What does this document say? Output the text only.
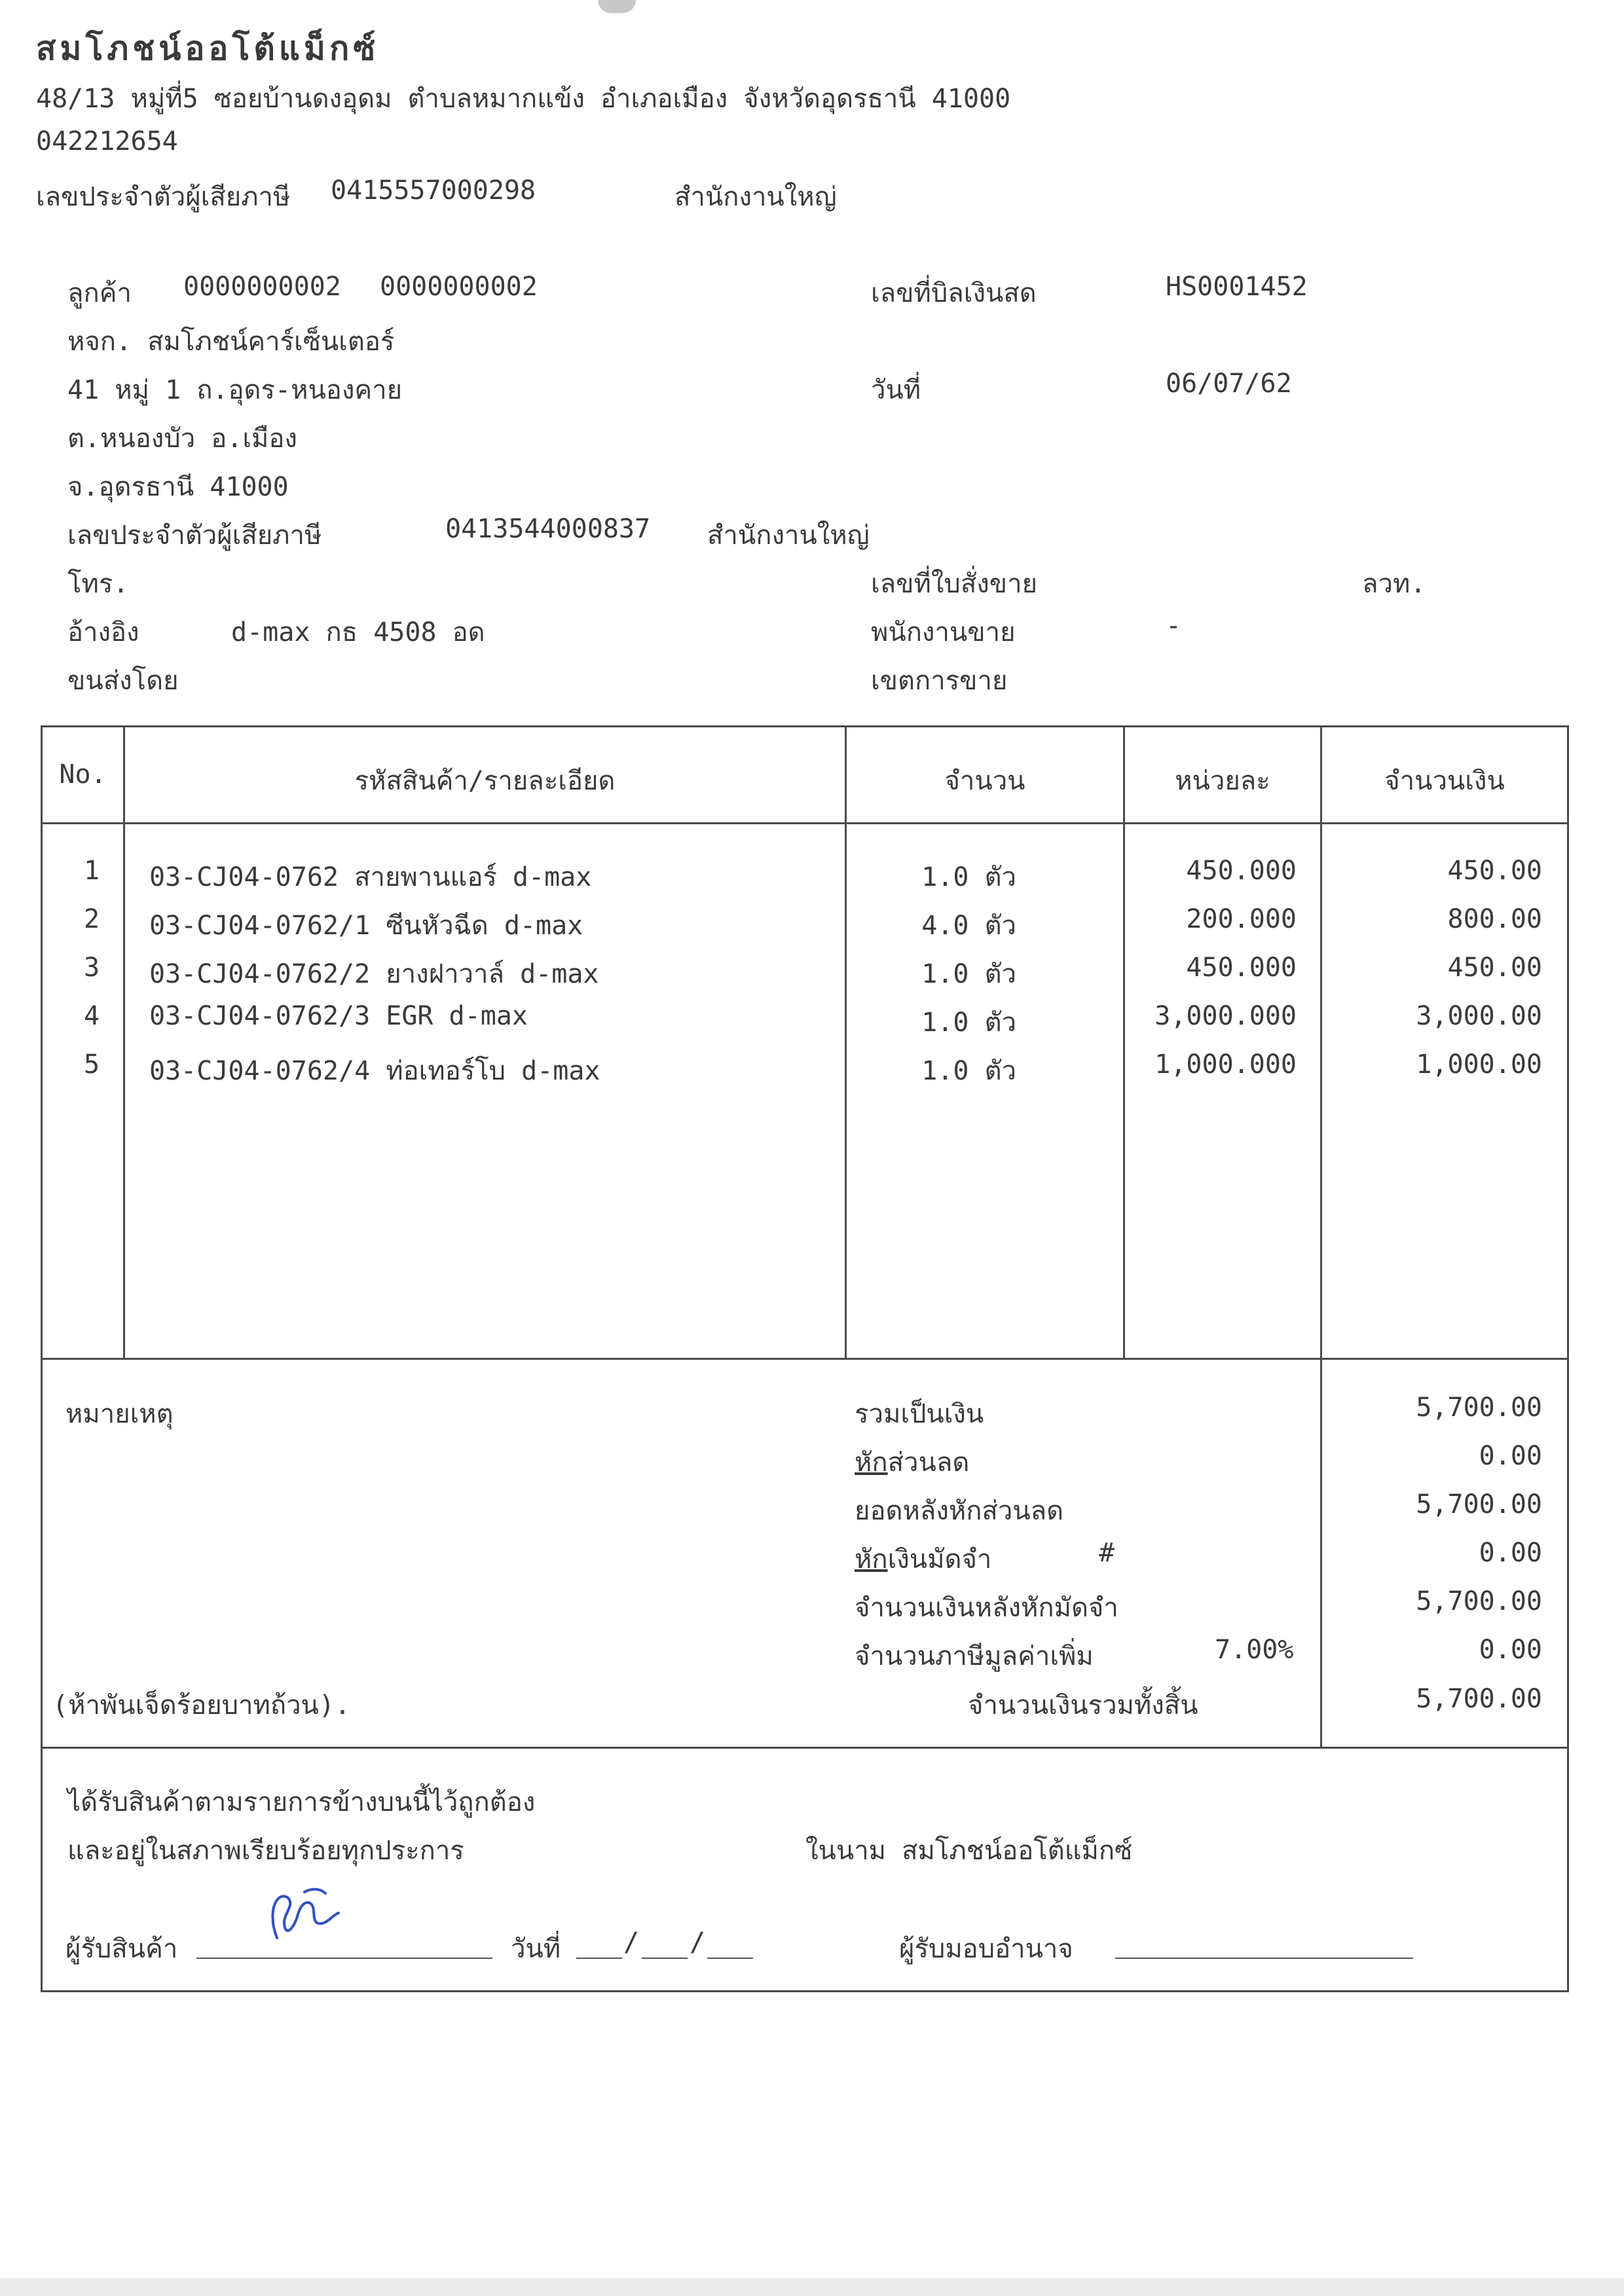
สมโภชน์ออโต้แม็กซ์
48/13 หมู่ที่5 ซอยบ้านดงอุดม ตำบลหมากแข้ง อำเภอเมือง จังหวัดอุดรธานี 41000
042212654
เลขประจำตัวผู้เสียภาษี 0415557000298	สำนักงานใหญ่
ลูกค้า 0000000002 0000000002
หจก. สมโภชน์คาร์เซ็นเตอร์
41 หมู่ 1 ถ.อุดร-หนองคาย
ต.หนองบัว อ.เมือง
จ.อุดรธานี 41000
เลขประจำตัวผู้เสียภาษี	0413544000837 สำนักงานใหญ่
โทร.
อ้างอิง	d-max กธ 4508 อด
ขนส่งโดย
เลขที่บิลเงินสด	HS0001452
วันที่	06/07/62
เลขที่ใบสั่งขาย	ลวท.
พนักงานขาย	-
เขตการขาย
No.	รหัสสินค้า/รายละเอียด	จำนวน	หน่วยละ	จำนวนเงิน
1	03-CJ04-0762 สายพานแอร์ d-max	1.0 ตัว	450.000	450.00
2	03-CJ04-0762/1 ซีนหัวฉีด d-max	4.0 ตัว	200.000	800.00
3	03-CJ04-0762/2 ยางฝาวาล์ d-max	1.0 ตัว	450.000	450.00
4	03-CJ04-0762/3 EGR d-max	1.0 ตัว	3,000.000	3,000.00
5	03-CJ04-0762/4 ท่อเทอร์โบ d-max	1.0 ตัว	1,000.000	1,000.00
หมายเหตุ
(ห้าพันเจ็ดร้อยบาทถ้วน).
รวมเป็นเงิน	5,700.00
หักส่วนลด	0.00
ยอดหลังหักส่วนลด	5,700.00
หักเงินมัดจำ	#	0.00
จำนวนเงินหลังหักมัดจำ	5,700.00
จำนวนภาษีมูลค่าเพิ่ม	7.00%	0.00
จำนวนเงินรวมทั้งสิ้น	5,700.00
ได้รับสินค้าตามรายการข้างบนนี้ไว้ถูกต้อง
และอยู่ในสภาพเรียบร้อยทุกประการ	ในนาม สมโภชน์ออโต้แม็กซ์
ผู้รับสินค้า	วันที่ / /	ผู้รับมอบอำนาจ
